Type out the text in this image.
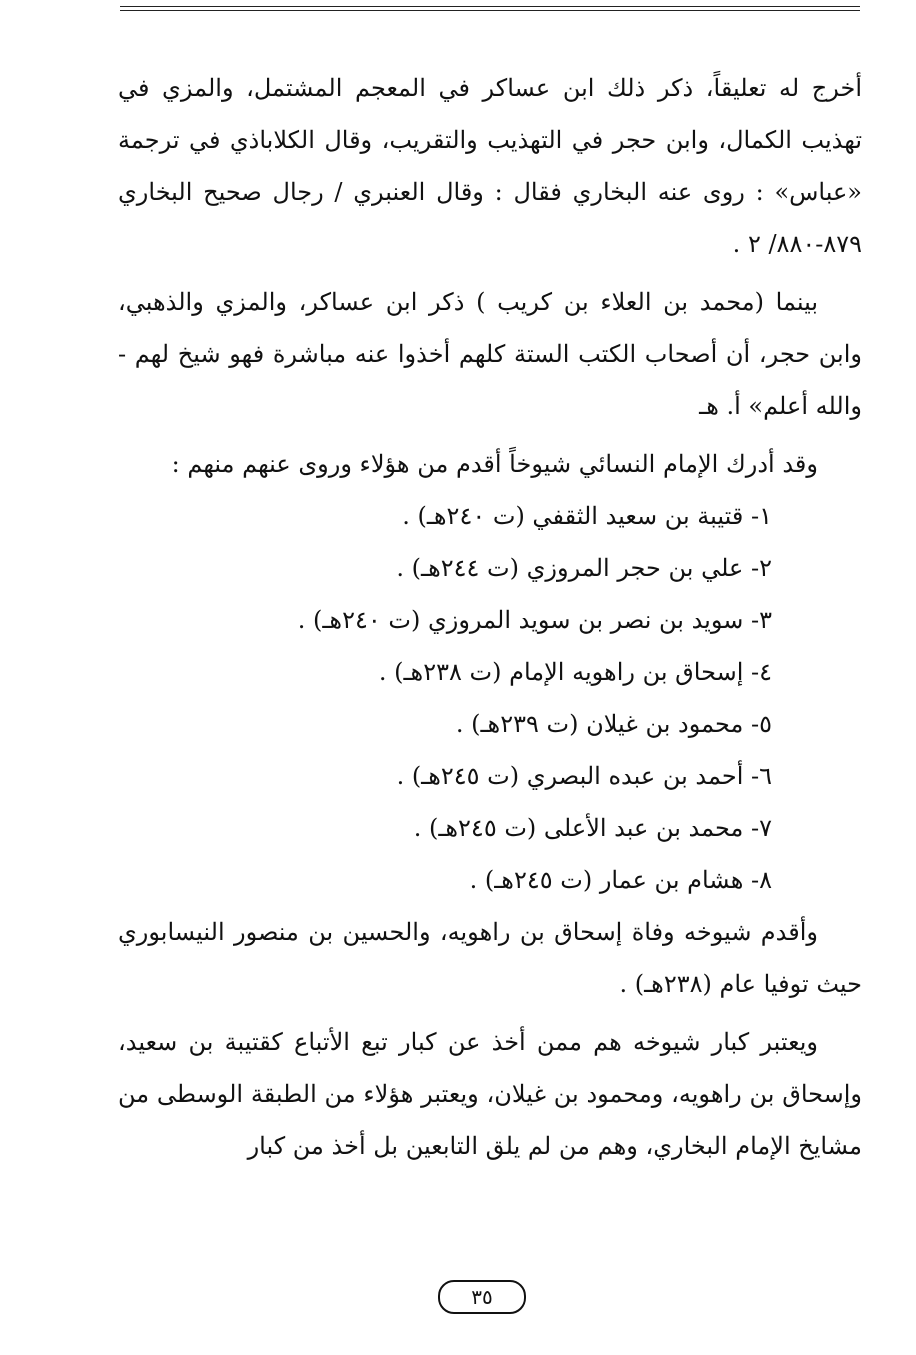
أخرج له تعليقاً، ذكر ذلك ابن عساكر في المعجم المشتمل، والمزي في تهذيب الكمال، وابن حجر في التهذيب والتقريب، وقال الكلاباذي في ترجمة «عباس» : روى عنه البخاري فقال : وقال العنبري / رجال صحيح البخاري ٨٧٩-٨٨٠/ ٢ .

بينما (محمد بن العلاء بن كريب ) ذكر ابن عساكر، والمزي والذهبي، وابن حجر، أن أصحاب الكتب الستة كلهم أخذوا عنه مباشرة فهو شيخ لهم - والله أعلم» أ. هـ

وقد أدرك الإمام النسائي شيوخاً أقدم من هؤلاء وروى عنهم منهم :

١- قتيبة بن سعيد الثقفي (ت ٢٤٠هـ) .
٢- علي بن حجر المروزي (ت ٢٤٤هـ) .
٣- سويد بن نصر بن سويد المروزي (ت ٢٤٠هـ) .
٤- إسحاق بن راهويه الإمام (ت ٢٣٨هـ) .
٥- محمود بن غيلان (ت ٢٣٩هـ) .
٦- أحمد بن عبده البصري (ت ٢٤٥هـ) .
٧- محمد بن عبد الأعلى (ت ٢٤٥هـ) .
٨- هشام بن عمار (ت ٢٤٥هـ) .

وأقدم شيوخه وفاة إسحاق بن راهويه، والحسين بن منصور النيسابوري حيث توفيا عام (٢٣٨هـ) .

ويعتبر كبار شيوخه هم ممن أخذ عن كبار تبع الأتباع كقتيبة بن سعيد، وإسحاق بن راهويه، ومحمود بن غيلان، ويعتبر هؤلاء من الطبقة الوسطى من مشايخ الإمام البخاري، وهم من لم يلق التابعين بل أخذ من كبار

٣٥
